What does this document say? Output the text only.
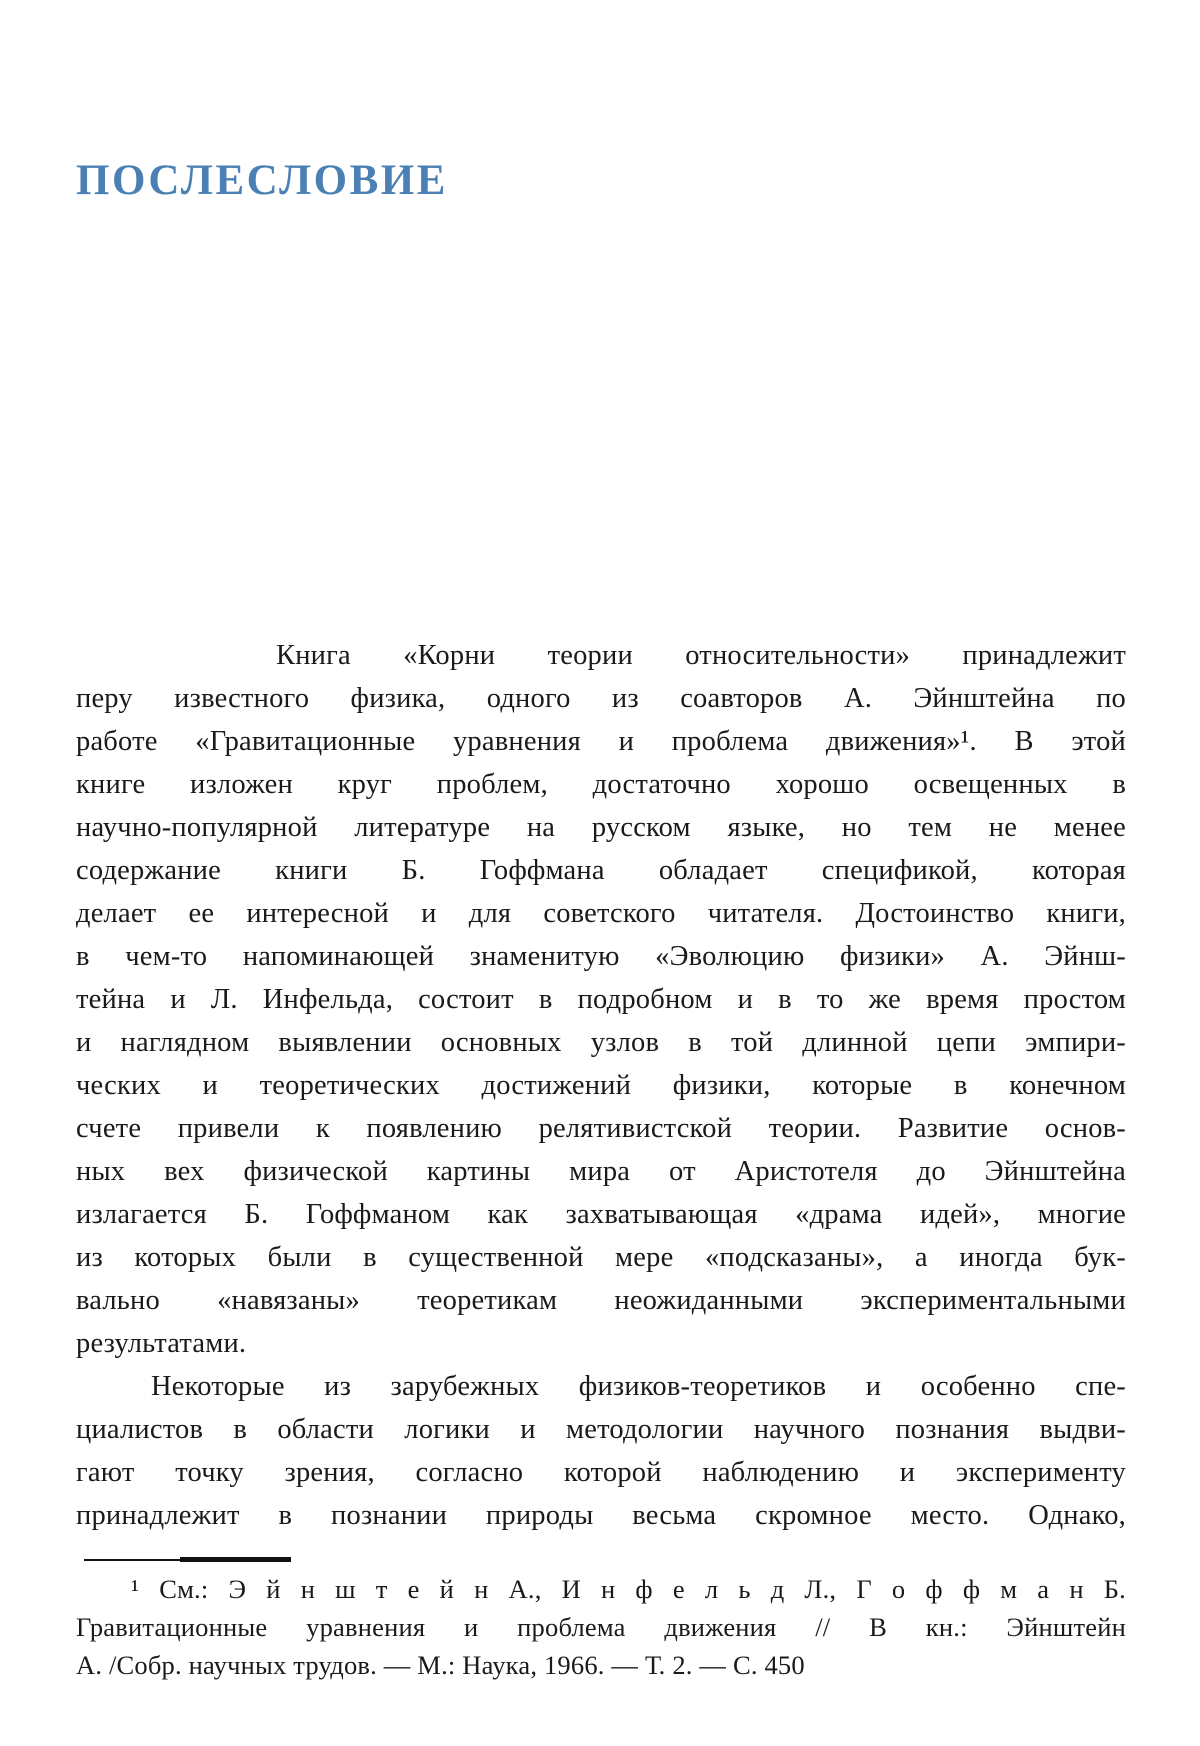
ПОСЛЕСЛОВИЕ
Книга «Корни теории относительности» принадлежит
перу известного физика, одного из соавторов А. Эйнштейна по
работе «Гравитационные уравнения и проблема движения»¹. В этой
книге изложен круг проблем, достаточно хорошо освещенных в
научно-популярной литературе на русском языке, но тем не менее
содержание книги Б. Гоффмана обладает спецификой, которая
делает ее интересной и для советского читателя. Достоинство книги,
в чем-то напоминающей знаменитую «Эволюцию физики» А. Эйнш-
тейна и Л. Инфельда, состоит в подробном и в то же время простом
и наглядном выявлении основных узлов в той длинной цепи эмпири-
ческих и теоретических достижений физики, которые в конечном
счете привели к появлению релятивистской теории. Развитие основ-
ных вех физической картины мира от Аристотеля до Эйнштейна
излагается Б. Гоффманом как захватывающая «драма идей», многие
из которых были в существенной мере «подсказаны», а иногда бук-
вально «навязаны» теоретикам неожиданными экспериментальными
результатами.
Некоторые из зарубежных физиков-теоретиков и особенно спе-
циалистов в области логики и методологии научного познания выдви-
гают точку зрения, согласно которой наблюдению и эксперименту
принадлежит в познании природы весьма скромное место. Однако,
¹ См.: Э й н ш т е й н А., И н ф е л ь д Л., Г о ф ф м а н Б.
Гравитационные уравнения и проблема движения // В кн.: Эйнштейн
А. /Собр. научных трудов. — М.: Наука, 1966. — Т. 2. — С. 450
